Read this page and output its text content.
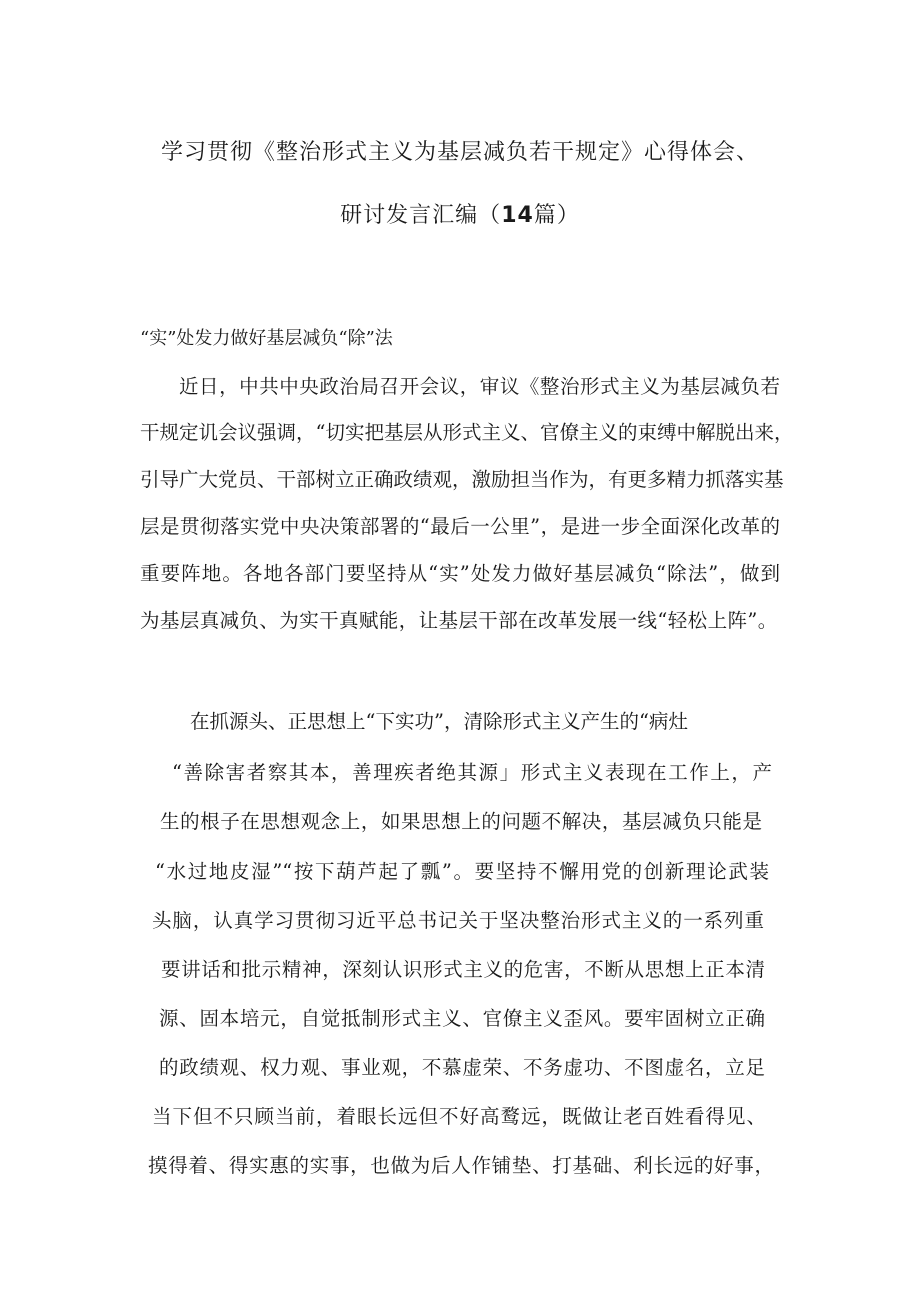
学习贯彻《整治形式主义为基层减负若干规定》心得体会、
研讨发言汇编（14篇）
“实”处发力做好基层减负“除”法
近日，中共中央政治局召开会议，审议《整治形式主义为基层减负若
干规定讥会议强调，“切实把基层从形式主义、官僚主义的束缚中解脱出来，
引导广大党员、干部树立正确政绩观，激励担当作为，有更多精力抓落实基
层是贯彻落实党中央决策部署的“最后一公里”，是进一步全面深化改革的
重要阵地。各地各部门要坚持从“实”处发力做好基层减负“除法”，做到
为基层真减负、为实干真赋能，让基层干部在改革发展一线“轻松上阵”。
在抓源头、正思想上“下实功”，清除形式主义产生的“病灶
“善除害者察其本，善理疾者绝其源」形式主义表现在工作上，产
生的根子在思想观念上，如果思想上的问题不解决，基层减负只能是
“水过地皮湿”“按下葫芦起了瓢”。要坚持不懈用党的创新理论武装
头脑，认真学习贯彻习近平总书记关于坚决整治形式主义的一系列重
要讲话和批示精神，深刻认识形式主义的危害，不断从思想上正本清
源、固本培元，自觉抵制形式主义、官僚主义歪风。要牢固树立正确
的政绩观、权力观、事业观，不慕虚荣、不务虚功、不图虚名，立足
当下但不只顾当前，着眼长远但不好高鹜远，既做让老百姓看得见、
摸得着、得实惠的实事，也做为后人作铺垫、打基础、利长远的好事，
